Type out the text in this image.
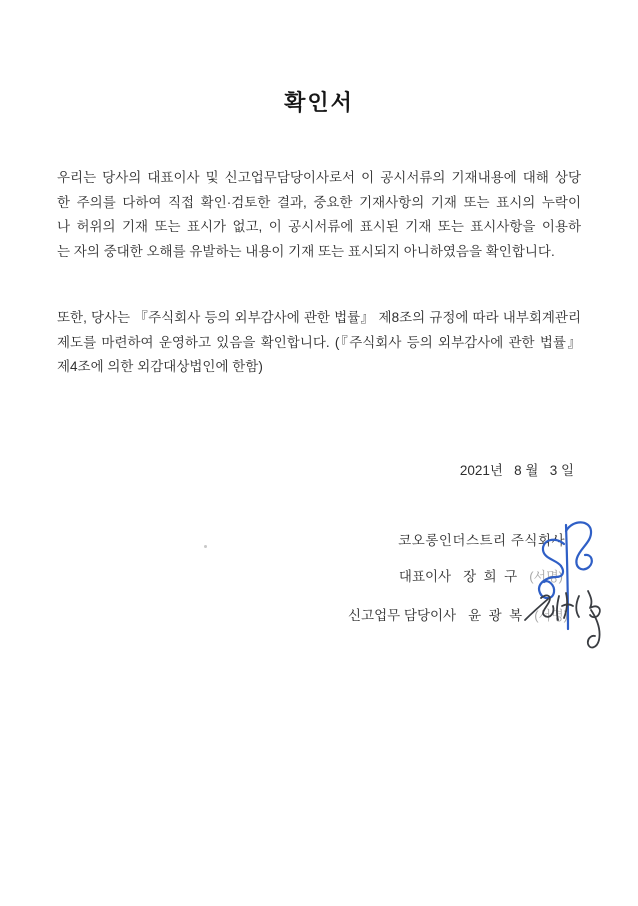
확인서
우리는 당사의 대표이사 및 신고업무담당이사로서 이 공시서류의 기재내용에 대해 상당
한 주의를 다하여 직접 확인·검토한 결과, 중요한 기재사항의 기재 또는 표시의 누락이
나 허위의 기재 또는 표시가 없고, 이 공시서류에 표시된 기재 또는 표시사항을 이용하
는 자의 중대한 오해를 유발하는 내용이 기재 또는 표시되지 아니하였음을 확인합니다.
또한, 당사는 『주식회사 등의 외부감사에 관한 법률』 제8조의 규정에 따라 내부회계관리
제도를 마련하여 운영하고 있음을 확인합니다. (『주식회사 등의 외부감사에 관한 법률』
제4조에 의한 외감대상법인에 한함)
2021년   8 월   3 일
코오롱인더스트리 주식회사
대표이사 장  희  구 (서명)
신고업무 담당이사 윤  광  복 (서명)
